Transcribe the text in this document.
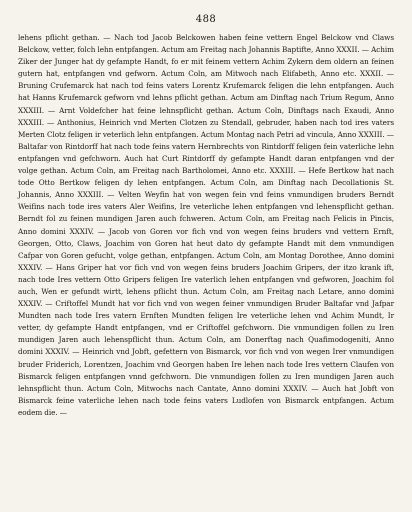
488

lehens pflicht gethan. — Nach tod Jacob Belckowen haben feine vettern Engel Belckow vnd Claws Belckow, vetter, folch lehn entpfangen. Actum am Freitag nach Johannis Baptifte, Anno XXXII. — Achim Ziker der Junger hat dy gefampte Handt, fo er mit feinem vettern Achim Zykern dem oldern an feinen gutern hat, entpfangen vnd gefworn. Actum Coln, am Mitwoch nach Elifabeth, Anno etc. XXXII. — Bruning Crufemarck hat nach tod feins vaters Lorentz Krufemarck feligen die lehn entpfangen. Auch hat Hanns Krufemarck gefworn vnd lehns pflicht gethan. Actum am Dinftag nach Trium Regum, Anno XXXIII. — Arnt Voldefcher hat feine lehnspflicht gethan. Actum Coln, Dinftags nach Exaudi, Anno XXXIII. — Anthonius, Heinrich vnd Merten Clotzen zu Stendall, gebruder, haben nach tod ires vaters Merten Clotz feligen ir veterlich lehn entpfangen. Actum Montag nach Petri ad vincula, Anno XXXIII. — Baltafar von Rintdorff hat nach tode feins vatern Hernbrechts von Rintdorff feligen fein vaterliche lehn entpfangen vnd gefchworn. Auch hat Curt Rintdorff dy gefampte Handt daran entpfangen vnd der volge gethan. Actum Coln, am Freitag nach Bartholomei, Anno etc. XXXIII. — Hefe Bertkow hat nach tode Otto Bertkow feligen dy lehen entpfangen. Actum Coln, am Dinftag nach Decollationis St. Johannis, Anno XXXIII. — Velten Weyfin hat von wegen fein vnd feins vnmundigen bruders Berndt Weifins nach tode ires vaters Aler Weifins, Ire veterliche lehen entpfangen vnd lehenspflicht gethan. Berndt fol zu feinen mundigen Jaren auch fchweren. Actum Coln, am Freitag nach Felicis in Pincis, Anno domini XXXIV. — Jacob von Goren vor fich vnd von wegen feins bruders vnd vettern Ernft, Georgen, Otto, Claws, Joachim von Goren hat heut dato dy gefampte Handt mit dem vnmundigen Cafpar von Goren gefucht, volge gethan, entpfangen. Actum Coln, am Montag Dorothee, Anno domini XXXIV. — Hans Griper hat vor fich vnd von wegen feins bruders Joachim Gripers, der itzo krank ift, nach tode Ires vettern Otto Gripers feligen Ire vaterlich lehen entpfangen vnd gefworen, Joachim fol auch, Wen er gefundt wirtt, lehens pflicht thun. Actum Coln, am Freitag nach Letare, anno domini XXXIV. — Criftoffel Mundt hat vor fich vnd von wegen feiner vnmundigen Bruder Baltafar vnd Jafpar Mundten nach tode Ires vatern Ernften Mundten feligen Ire veterliche lehen vnd Achim Mundt, Ir vetter, dy gefampte Handt entpfangen, vnd er Criftoffel gefchworn. Die vnmundigen follen zu Iren mundigen Jaren auch lehenspflicht thun. Actum Coln, am Donerftag nach Quafimodogeniti, Anno domini XXXIV. — Heinrich vnd Jobft, gefettern von Bismarck, vor fich vnd von wegen Irer vnmundigen bruder Friderich, Lorentzen, Joachim vnd Georgen haben Ire lehen nach tode Ires vettern Claufen von Bismarck feligen entpfangen vnnd gefchworn. Die vnmundigen follen zu Iren mundigen Jaren auch lehnspflicht thun. Actum Coln, Mitwochs nach Cantate, Anno domini XXXIV. — Auch hat Jobft von Bismarck feine vaterliche lehen nach tode feins vaters Ludlofen von Bismarck entpfangen. Actum eodem die. —
